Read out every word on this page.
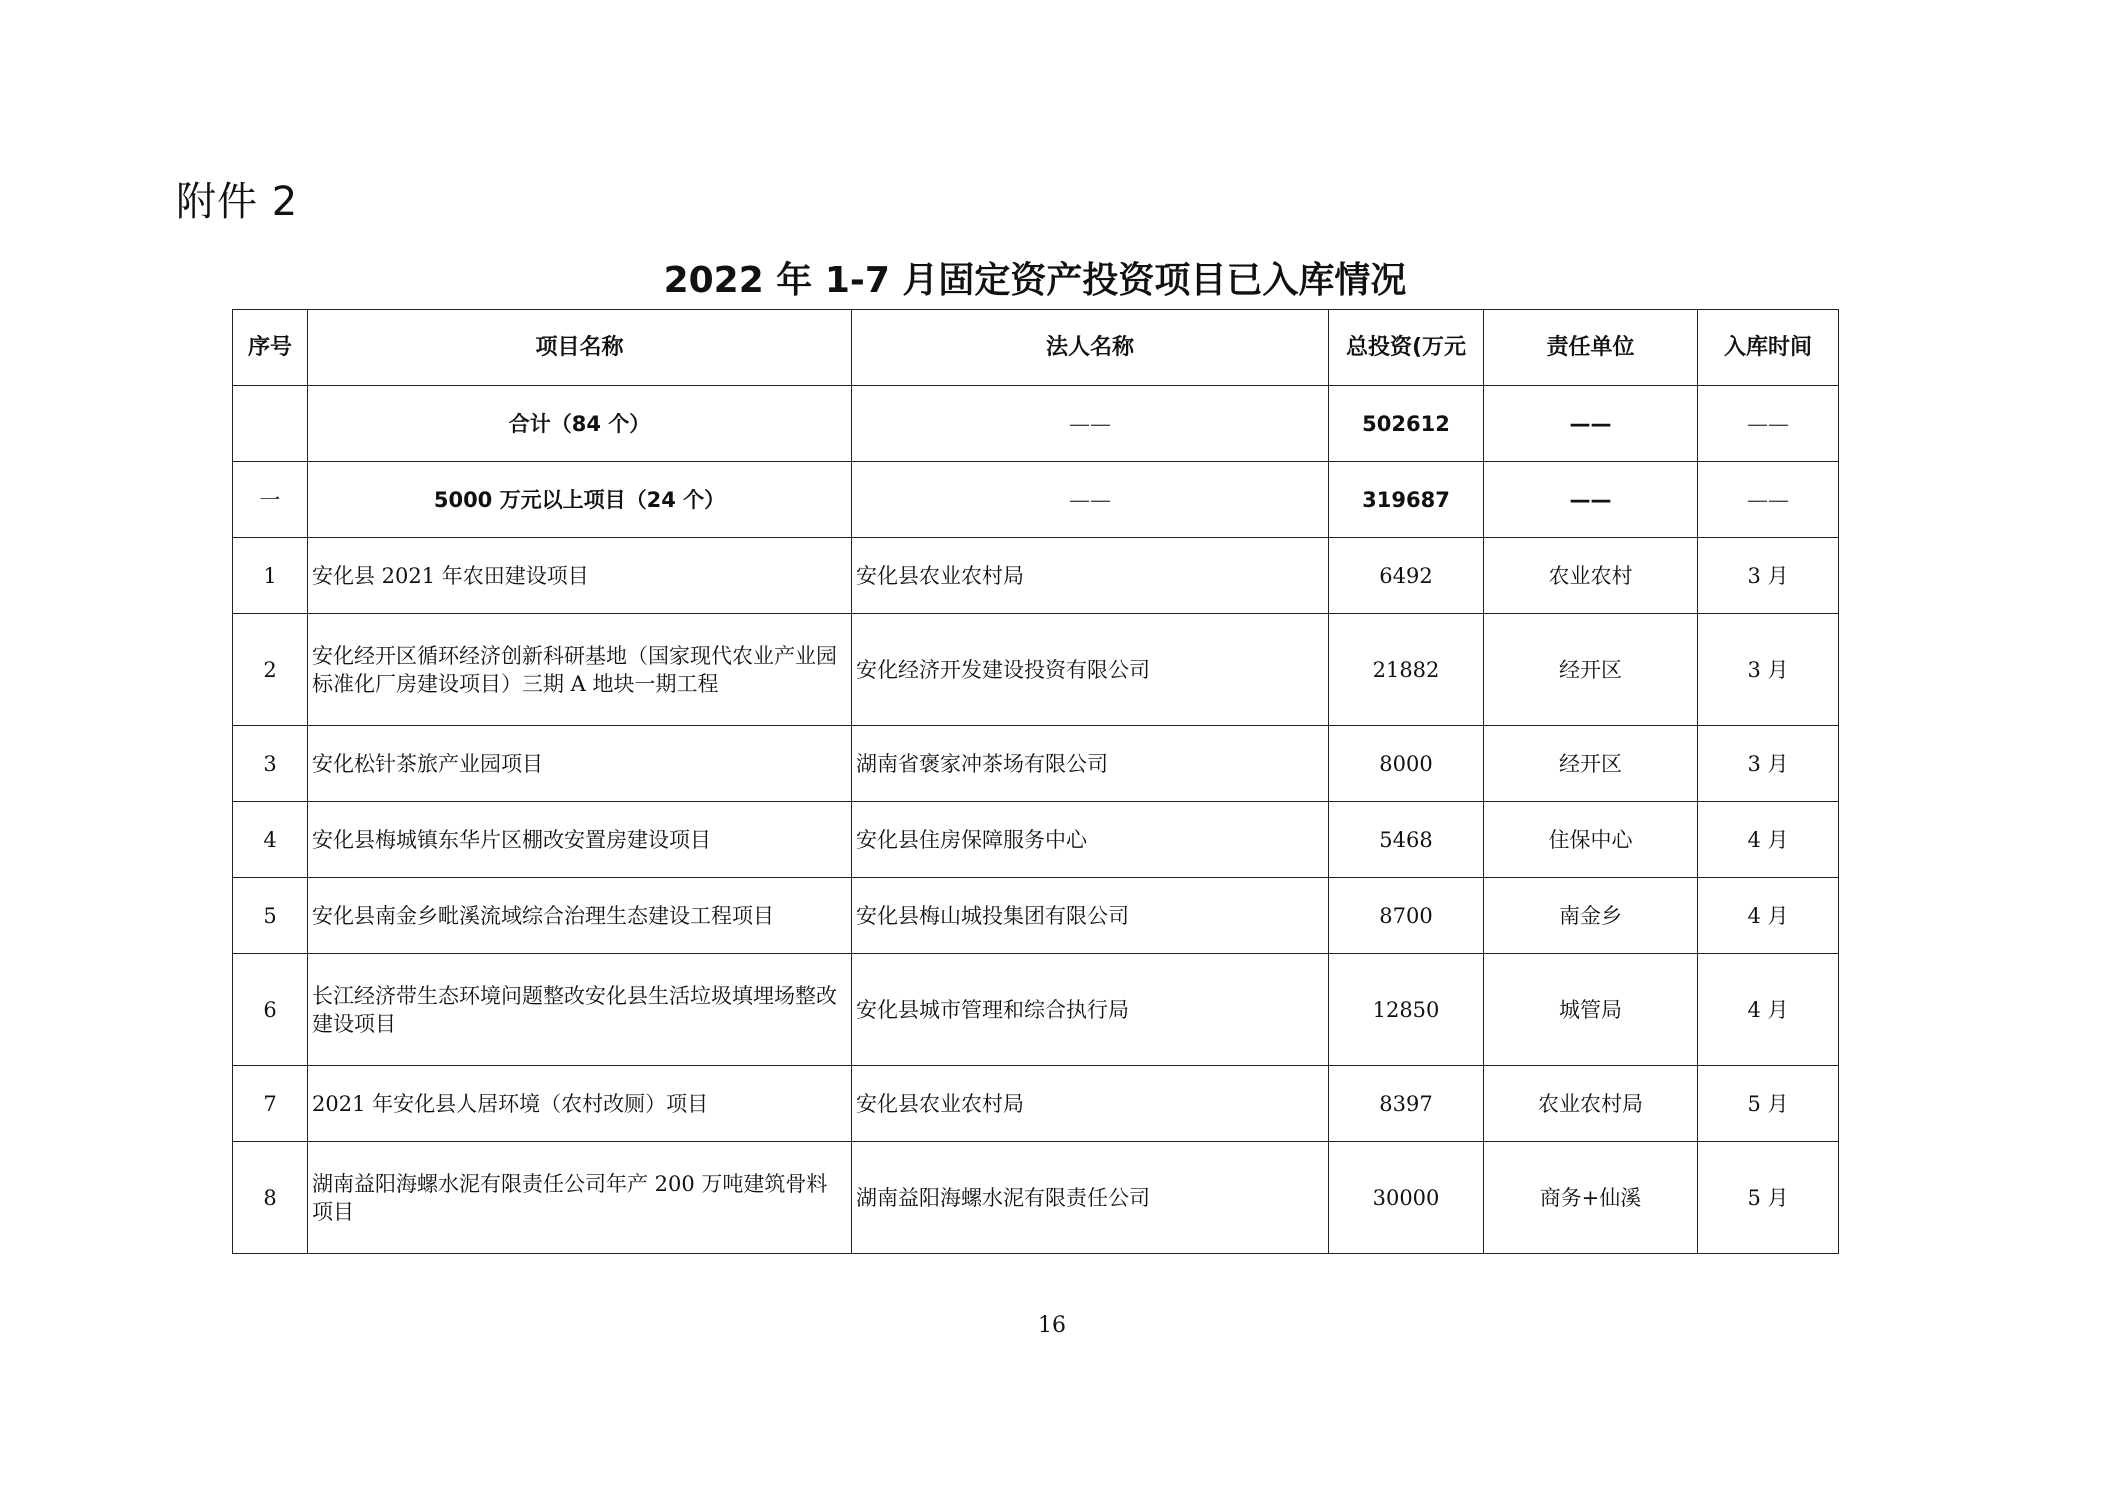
附件 2
2022 年 1-7 月固定资产投资项目已入库情况
序号	项目名称	法人名称	总投资(万元	责任单位	入库时间
	合计（84 个）	——	502612	——	——
一	5000 万元以上项目（24 个）	——	319687	——	——
1	安化县 2021 年农田建设项目	安化县农业农村局	6492	农业农村	3 月
2	安化经开区循环经济创新科研基地（国家现代农业产业园标准化厂房建设项目）三期 A 地块一期工程	安化经济开发建设投资有限公司	21882	经开区	3 月
3	安化松针茶旅产业园项目	湖南省褒家冲茶场有限公司	8000	经开区	3 月
4	安化县梅城镇东华片区棚改安置房建设项目	安化县住房保障服务中心	5468	住保中心	4 月
5	安化县南金乡毗溪流域综合治理生态建设工程项目	安化县梅山城投集团有限公司	8700	南金乡	4 月
6	长江经济带生态环境问题整改安化县生活垃圾填埋场整改建设项目	安化县城市管理和综合执行局	12850	城管局	4 月
7	2021 年安化县人居环境（农村改厕）项目	安化县农业农村局	8397	农业农村局	5 月
8	湖南益阳海螺水泥有限责任公司年产 200 万吨建筑骨料项目	湖南益阳海螺水泥有限责任公司	30000	商务+仙溪	5 月
16
